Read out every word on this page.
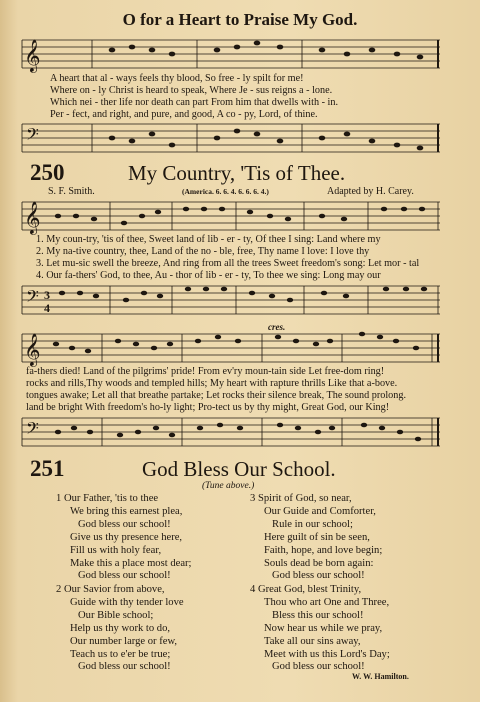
O for a Heart to Praise My God.
𝄞
A heart that al - ways feels thy blood, So free - ly spilt for me!
Where on - ly Christ is heard to speak, Where Je - sus reigns a - lone.
Which nei - ther life nor death can part From him that dwells with - in.
Per - fect, and right, and pure, and good, A co - py, Lord, of thine.
𝄢
250	My Country, 'Tis of Thee.
S. F. Smith.	(America. 6. 6. 4. 6. 6. 6. 4.)	Adapted by H. Carey.
𝄞
1. My coun-try, 'tis of thee, Sweet land of lib - er - ty, Of thee I sing: Land where my
2. My na-tive country, thee, Land of the no - ble, free, Thy name I love: I love thy
3. Let mu-sic swell the breeze, And ring from all the trees Sweet freedom's song: Let mor - tal
4. Our fa-thers' God, to thee, Au - thor of lib - er - ty, To thee we sing: Long may our
𝄢 3
4
cres.
𝄞
fa-thers died! Land of the pilgrims' pride! From ev'ry moun-tain side Let free-dom ring!
rocks and rills,Thy woods and templed hills; My heart with rapture thrills Like that a-bove.
tongues awake; Let all that breathe partake; Let rocks their silence break, The sound prolong.
land be bright With freedom's ho-ly light; Pro-tect us by thy might, Great God, our King!
𝄢
251	God Bless Our School.
(Tune above.)
1 Our Father, 'tis to thee
We bring this earnest plea,
God bless our school!
Give us thy presence here,
Fill us with holy fear,
Make this a place most dear;
God bless our school!
2 Our Savior from above,
Guide with thy tender love
Our Bible school;
Help us thy work to do,
Our number large or few,
Teach us to e'er be true;
God bless our school!
3 Spirit of God, so near,
Our Guide and Comforter,
Rule in our school;
Here guilt of sin be seen,
Faith, hope, and love begin;
Souls dead be born again:
God bless our school!
4 Great God, blest Trinity,
Thou who art One and Three,
Bless this our school!
Now hear us while we pray,
Take all our sins away,
Meet with us this Lord's Day;
God bless our school!
W. W. Hamilton.
